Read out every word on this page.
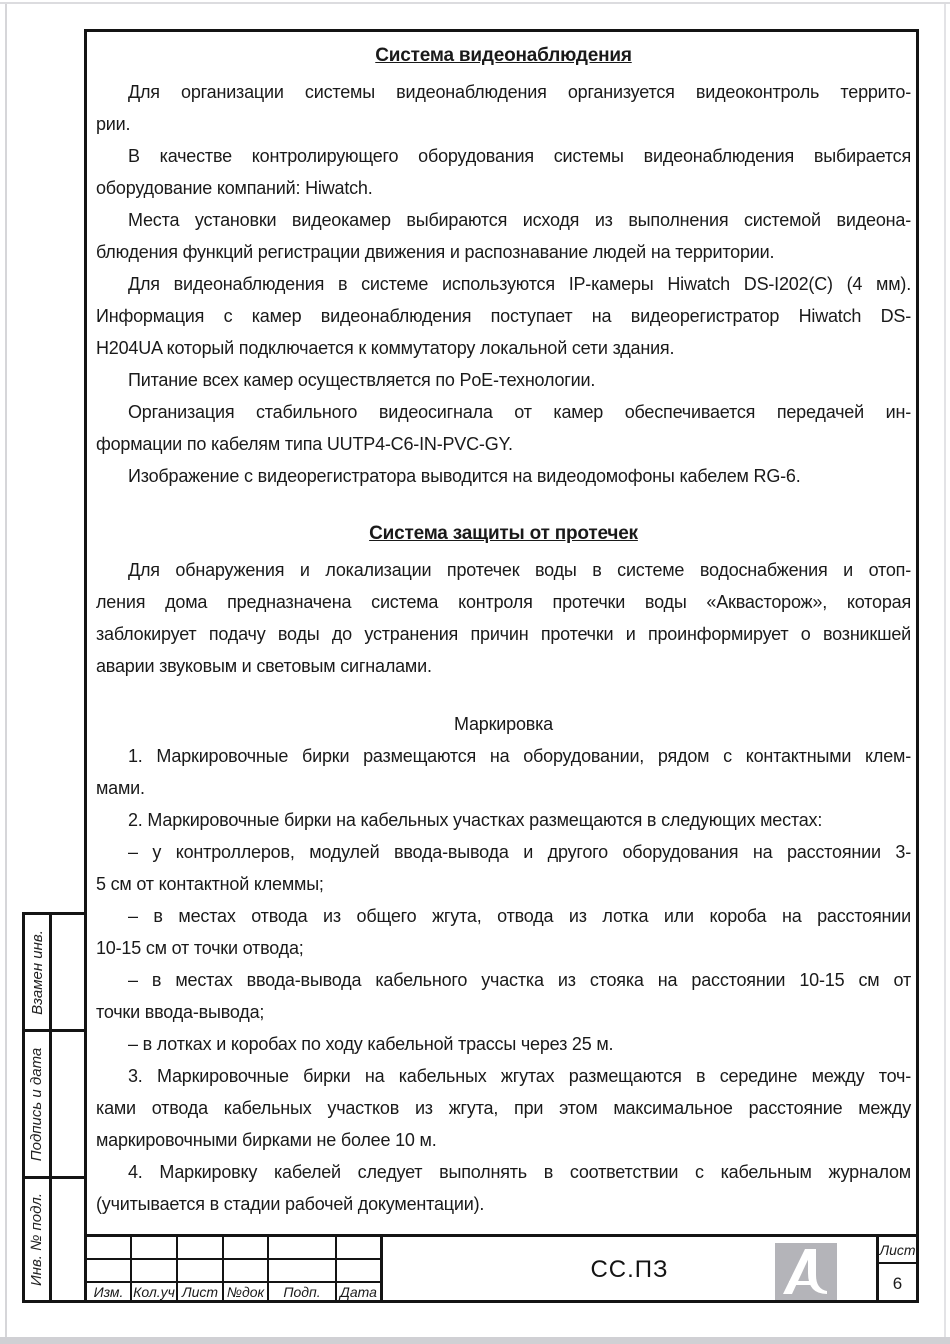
Система видеонаблюдения
Для организации системы видеонаблюдения организуется видеоконтроль террито-
рии.
В качестве контролирующего оборудования системы видеонаблюдения выбирается
оборудование компаний: Hiwatch.
Места установки видеокамер выбираются исходя из выполнения системой видеона-
блюдения функций регистрации движения и распознавание людей на территории.
Для видеонаблюдения в системе используются IP-камеры Hiwatch DS-I202(C) (4 мм).
Информация с камер видеонаблюдения поступает на видеорегистратор Hiwatch DS-
H204UA который подключается к коммутатору локальной сети здания.
Питание всех камер осуществляется по PoE-технологии.
Организация стабильного видеосигнала от камер обеспечивается передачей ин-
формации по кабелям типа UUTP4-C6-IN-PVC-GY.
Изображение с видеорегистратора выводится на видеодомофоны кабелем RG-6.
Система защиты от протечек
Для обнаружения и локализации протечек воды в системе водоснабжения и отоп-
ления дома предназначена система контроля протечки воды «Аквасторож», которая
заблокирует подачу воды до устранения причин протечки и проинформирует о возникшей
аварии звуковым и световым сигналами.
Маркировка
1. Маркировочные бирки размещаются на оборудовании, рядом с контактными клем-
мами.
2. Маркировочные бирки на кабельных участках размещаются в следующих местах:
– у контроллеров, модулей ввода-вывода и другого оборудования на расстоянии 3-
5 см от контактной клеммы;
– в местах отвода из общего жгута, отвода из лотка или короба на расстоянии
10-15 см от точки отвода;
– в местах ввода-вывода кабельного участка из стояка на расстоянии 10-15 см от
точки ввода-вывода;
– в лотках и коробах по ходу кабельной трассы через 25 м.
3. Маркировочные бирки на кабельных жгутах размещаются в середине между точ-
ками отвода кабельных участков из жгута, при этом максимальное расстояние между
маркировочными бирками не более 10 м.
4. Маркировку кабелей следует выполнять в соответствии с кабельным журналом
(учитывается в стадии рабочей документации).
Взамен инв.
Подпись и дата
Инв. № подл.
Изм. Кол.уч Лист №док	Подп.	Дата
СС.ПЗ
Лист
6
